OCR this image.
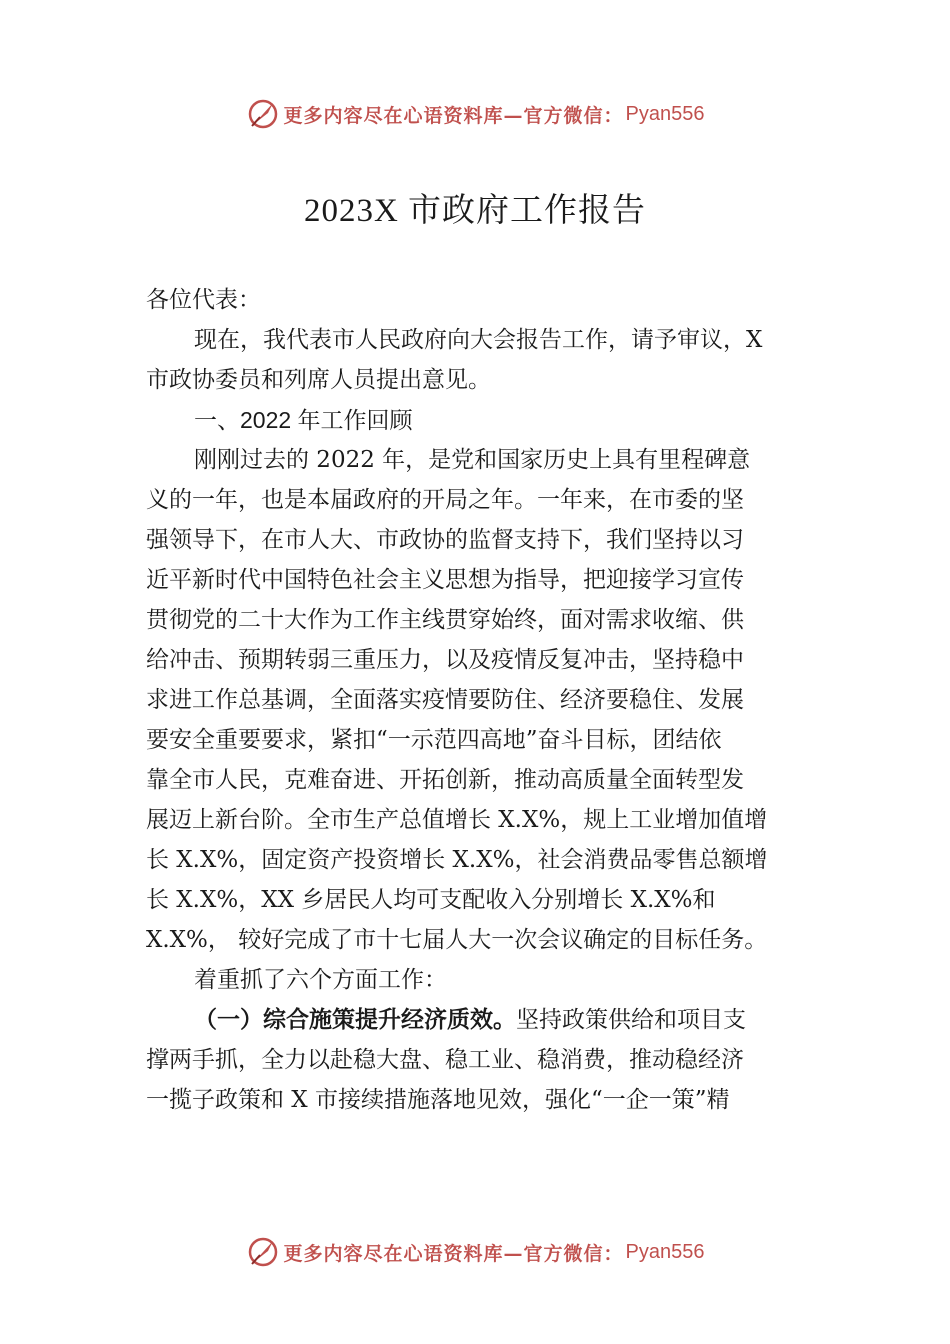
更多内容尽在心语资料库—官方微信： Pyan556
2023X 市政府工作报告
各位代表：
现在，我代表市人民政府向大会报告工作，请予审议，X
市政协委员和列席人员提出意见。
一、2022 年工作回顾
刚刚过去的 2022 年，是党和国家历史上具有里程碑意
义的一年，也是本届政府的开局之年。一年来，在市委的坚
强领导下，在市人大、市政协的监督支持下，我们坚持以习
近平新时代中国特色社会主义思想为指导，把迎接学习宣传
贯彻党的二十大作为工作主线贯穿始终，面对需求收缩、供
给冲击、预期转弱三重压力，以及疫情反复冲击，坚持稳中
求进工作总基调，全面落实疫情要防住、经济要稳住、发展
要安全重要要求，紧扣“一示范四高地”奋斗目标，团结依
靠全市人民，克难奋进、开拓创新，推动高质量全面转型发
展迈上新台阶。全市生产总值增长 X.X%，规上工业增加值增
长 X.X%，固定资产投资增长 X.X%，社会消费品零售总额增
长 X.X%，XX 乡居民人均可支配收入分别增长 X.X%和
X.X%， 较好完成了市十七届人大一次会议确定的目标任务。
着重抓了六个方面工作：
（一）综合施策提升经济质效。坚持政策供给和项目支
撑两手抓，全力以赴稳大盘、稳工业、稳消费，推动稳经济
一揽子政策和 X 市接续措施落地见效，强化“一企一策”精
更多内容尽在心语资料库—官方微信： Pyan556
